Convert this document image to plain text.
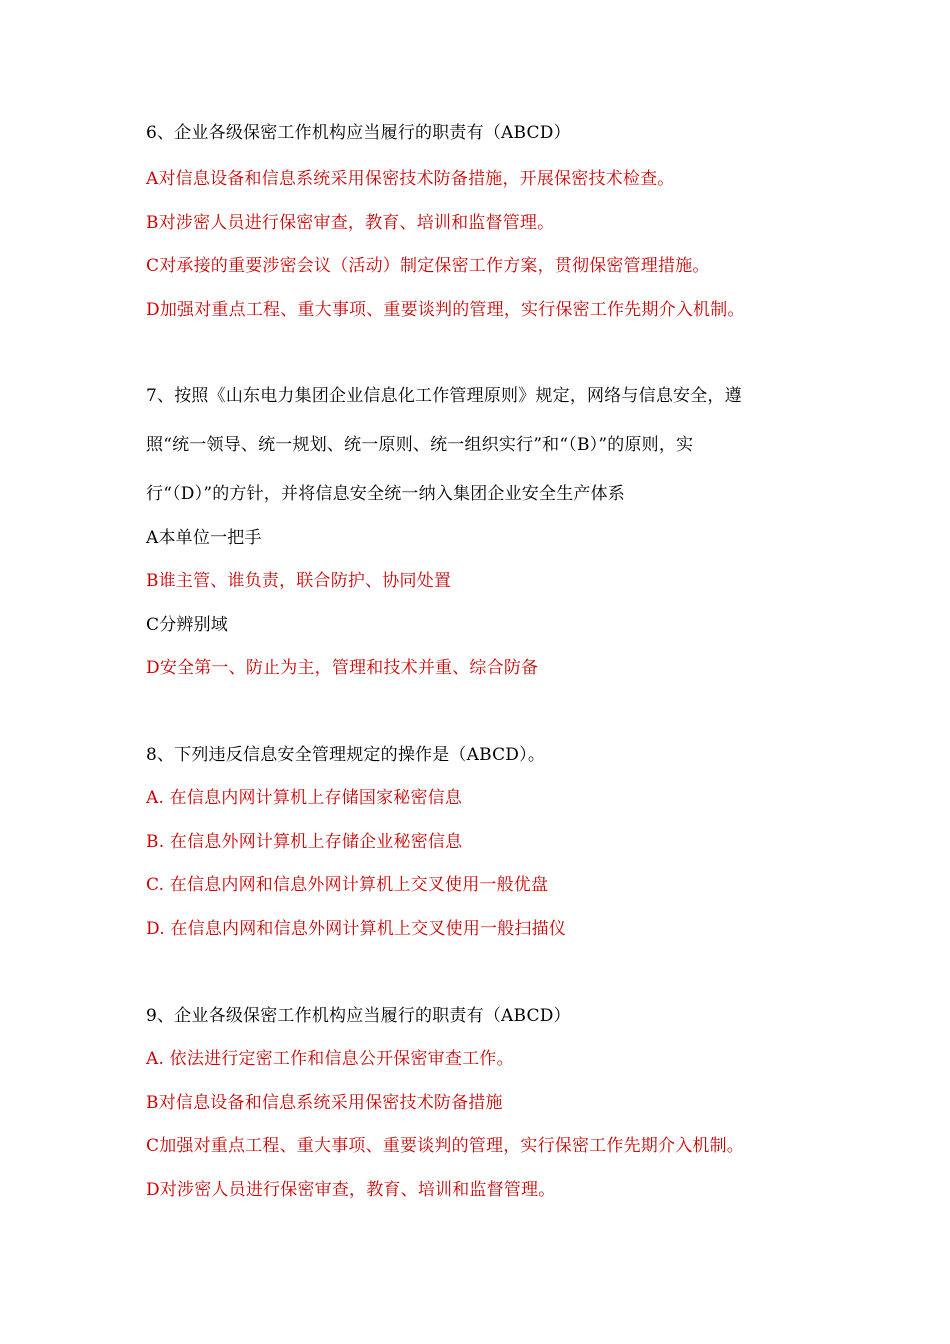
6、企业各级保密工作机构应当履行的职责有（ABCD）
A对信息设备和信息系统采用保密技术防备措施，开展保密技术检查。
B对涉密人员进行保密审查，教育、培训和监督管理。
C对承接的重要涉密会议（活动）制定保密工作方案，贯彻保密管理措施。
D加强对重点工程、重大事项、重要谈判的管理，实行保密工作先期介入机制。
7、按照《山东电力集团企业信息化工作管理原则》规定，网络与信息安全，遵
照“统一领导、统一规划、统一原则、统一组织实行”和“（B）”的原则，实
行“（D）”的方针，并将信息安全统一纳入集团企业安全生产体系
A本单位一把手
B谁主管、谁负责，联合防护、协同处置
C分辨别域
D安全第一、防止为主，管理和技术并重、综合防备
8、下列违反信息安全管理规定的操作是（ABCD）。
A. 在信息内网计算机上存储国家秘密信息
B. 在信息外网计算机上存储企业秘密信息
C. 在信息内网和信息外网计算机上交叉使用一般优盘
D. 在信息内网和信息外网计算机上交叉使用一般扫描仪
9、企业各级保密工作机构应当履行的职责有（ABCD）
A. 依法进行定密工作和信息公开保密审查工作。
B对信息设备和信息系统采用保密技术防备措施
C加强对重点工程、重大事项、重要谈判的管理，实行保密工作先期介入机制。
D对涉密人员进行保密审查，教育、培训和监督管理。
